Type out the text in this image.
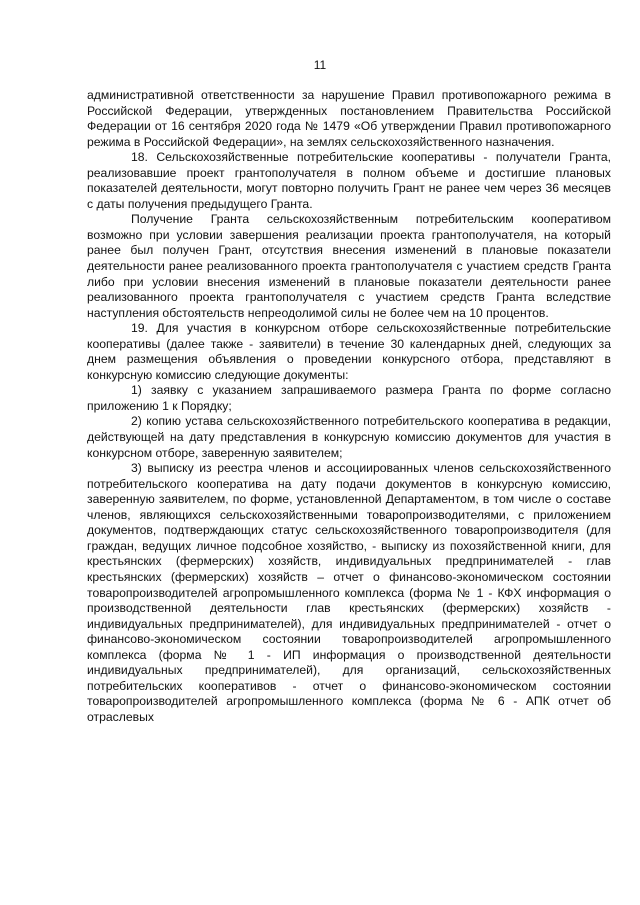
11

административной ответственности за нарушение Правил противопожарного режима в Российской Федерации, утвержденных постановлением Правительства Российской Федерации от 16 сентября 2020 года № 1479 «Об утверждении Правил противопожарного режима в Российской Федерации», на землях сельскохозяйственного назначения.

18. Сельскохозяйственные потребительские кооперативы - получатели Гранта, реализовавшие проект грантополучателя в полном объеме и достигшие плановых показателей деятельности, могут повторно получить Грант не ранее чем через 36 месяцев с даты получения предыдущего Гранта.

Получение Гранта сельскохозяйственным потребительским кооперативом возможно при условии завершения реализации проекта грантополучателя, на который ранее был получен Грант, отсутствия внесения изменений в плановые показатели деятельности ранее реализованного проекта грантополучателя с участием средств Гранта либо при условии внесения изменений в плановые показатели деятельности ранее реализованного проекта грантополучателя с участием средств Гранта вследствие наступления обстоятельств непреодолимой силы не более чем на 10 процентов.

19. Для участия в конкурсном отборе сельскохозяйственные потребительские кооперативы (далее также - заявители) в течение 30 календарных дней, следующих за днем размещения объявления о проведении конкурсного отбора, представляют в конкурсную комиссию следующие документы:

1) заявку с указанием запрашиваемого размера Гранта по форме согласно приложению 1 к Порядку;

2) копию устава сельскохозяйственного потребительского кооператива в редакции, действующей на дату представления в конкурсную комиссию документов для участия в конкурсном отборе, заверенную заявителем;

3) выписку из реестра членов и ассоциированных членов сельскохозяйственного потребительского кооператива на дату подачи документов в конкурсную комиссию, заверенную заявителем, по форме, установленной Департаментом, в том числе о составе членов, являющихся сельскохозяйственными товаропроизводителями, с приложением документов, подтверждающих статус сельскохозяйственного товаропроизводителя (для граждан, ведущих личное подсобное хозяйство, - выписку из похозяйственной книги, для крестьянских (фермерских) хозяйств, индивидуальных предпринимателей - глав крестьянских (фермерских) хозяйств – отчет о финансово-экономическом состоянии товаропроизводителей агропромышленного комплекса (форма № 1 - КФХ информация о производственной деятельности глав крестьянских (фермерских) хозяйств - индивидуальных предпринимателей), для индивидуальных предпринимателей - отчет о финансово-экономическом состоянии товаропроизводителей агропромышленного комплекса (форма № 1 - ИП информация о производственной деятельности индивидуальных предпринимателей), для организаций, сельскохозяйственных потребительских кооперативов - отчет о финансово-экономическом состоянии товаропроизводителей агропромышленного комплекса (форма № 6 - АПК отчет об отраслевых
